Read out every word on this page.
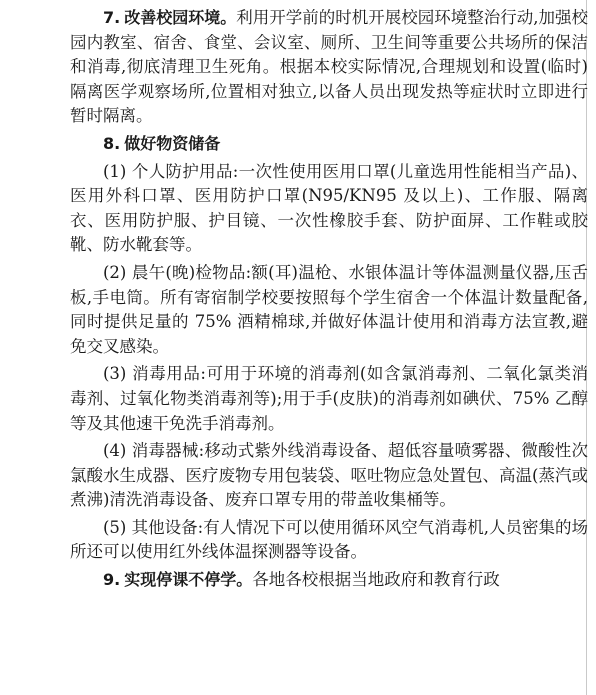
7. 改善校园环境。利用开学前的时机开展校园环境整治行动,加强校园内教室、宿舍、食堂、会议室、厕所、卫生间等重要公共场所的保洁和消毒,彻底清理卫生死角。根据本校实际情况,合理规划和设置(临时)隔离医学观察场所,位置相对独立,以备人员出现发热等症状时立即进行暂时隔离。

8. 做好物资储备

(1) 个人防护用品:一次性使用医用口罩(儿童选用性能相当产品)、医用外科口罩、医用防护口罩(N95/KN95 及以上)、工作服、隔离衣、医用防护服、护目镜、一次性橡胶手套、防护面屏、工作鞋或胶靴、防水靴套等。

(2) 晨午(晚)检物品:额(耳)温枪、水银体温计等体温测量仪器,压舌板,手电筒。所有寄宿制学校要按照每个学生宿舍一个体温计数量配备,同时提供足量的 75% 酒精棉球,并做好体温计使用和消毒方法宣教,避免交叉感染。

(3) 消毒用品:可用于环境的消毒剂(如含氯消毒剂、二氧化氯类消毒剂、过氧化物类消毒剂等);用于手(皮肤)的消毒剂如碘伏、75% 乙醇等及其他速干免洗手消毒剂。

(4) 消毒器械:移动式紫外线消毒设备、超低容量喷雾器、微酸性次氯酸水生成器、医疗废物专用包装袋、呕吐物应急处置包、高温(蒸汽或煮沸)清洗消毒设备、废弃口罩专用的带盖收集桶等。

(5) 其他设备:有人情况下可以使用循环风空气消毒机,人员密集的场所还可以使用红外线体温探测器等设备。

9. 实现停课不停学。各地各校根据当地政府和教育行政
